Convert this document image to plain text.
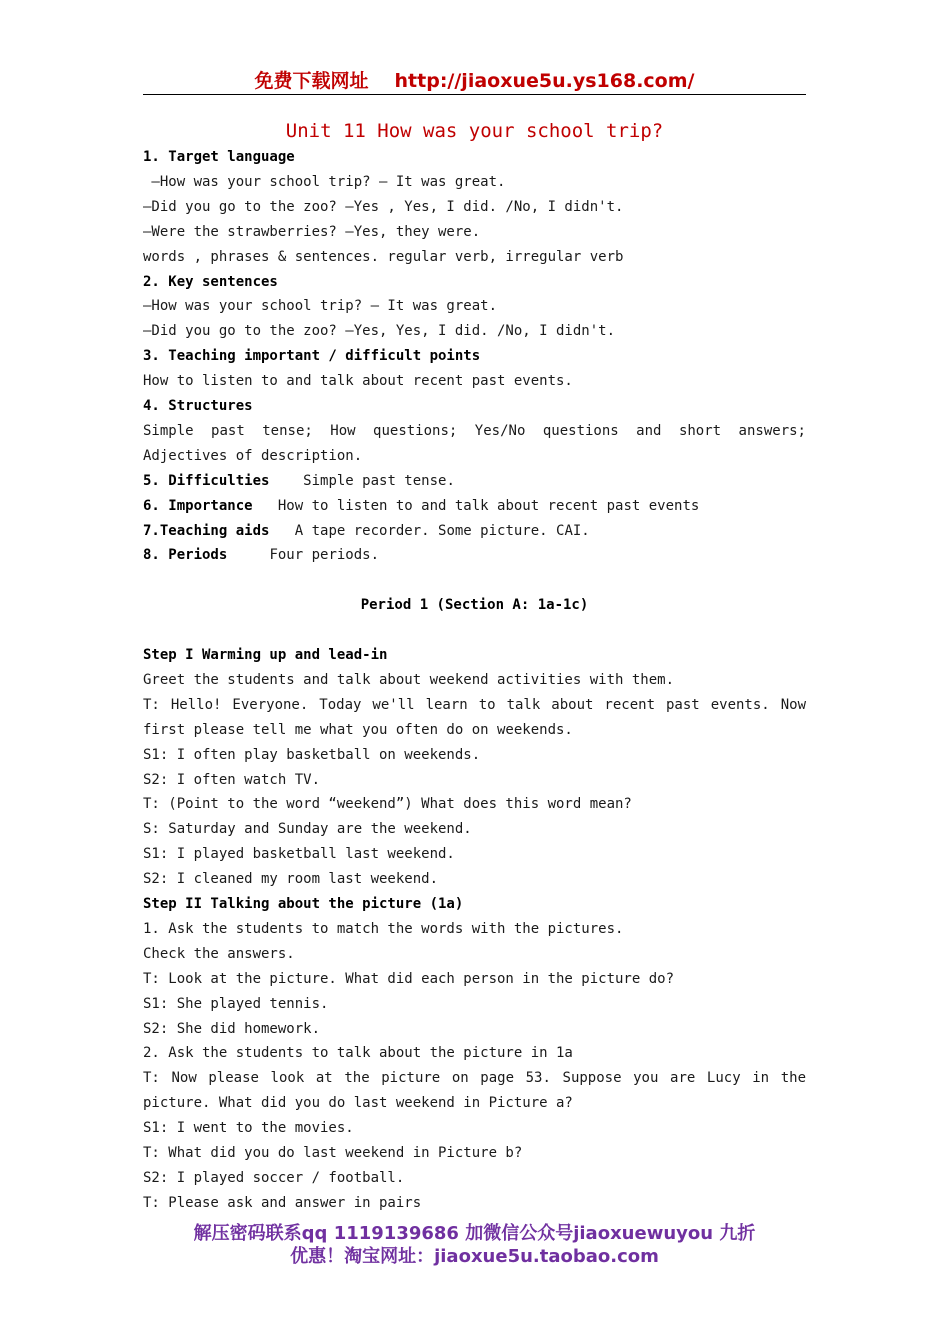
免费下载网址 http://jiaoxue5u.ys168.com/
Unit 11 How was your school trip?
1. Target language
—How was your school trip? — It was great.
—Did you go to the zoo? —Yes , Yes, I did. /No, I didn't.
—Were the strawberries? —Yes, they were.
words , phrases & sentences. regular verb, irregular verb
2. Key sentences
—How was your school trip? — It was great.
—Did you go to the zoo? —Yes, Yes, I did. /No, I didn't.
3. Teaching important / difficult points
How to listen to and talk about recent past events.
4. Structures
Simple past tense; How questions; Yes/No questions and short answers;
Adjectives of description.
5. Difficulties    Simple past tense.
6. Importance   How to listen to and talk about recent past events
7.Teaching aids   A tape recorder. Some picture. CAI.
8. Periods     Four periods.
Period 1 (Section A: 1a-1c)
Step I Warming up and lead-in
Greet the students and talk about weekend activities with them.
T: Hello! Everyone. Today we'll learn to talk about recent past events. Now
first please tell me what you often do on weekends.
S1: I often play basketball on weekends.
S2: I often watch TV.
T: (Point to the word “weekend”) What does this word mean?
S: Saturday and Sunday are the weekend.
S1: I played basketball last weekend.
S2: I cleaned my room last weekend.
Step II Talking about the picture (1a)
1. Ask the students to match the words with the pictures.
Check the answers.
T: Look at the picture. What did each person in the picture do?
S1: She played tennis.
S2: She did homework.
2. Ask the students to talk about the picture in 1a
T: Now please look at the picture on page 53. Suppose you are Lucy in the
picture. What did you do last weekend in Picture a?
S1: I went to the movies.
T: What did you do last weekend in Picture b?
S2: I played soccer / football.
T: Please ask and answer in pairs
解压密码联系qq 1119139686 加微信公众号jiaoxuewuyou 九折
优惠！淘宝网址：jiaoxue5u.taobao.com
